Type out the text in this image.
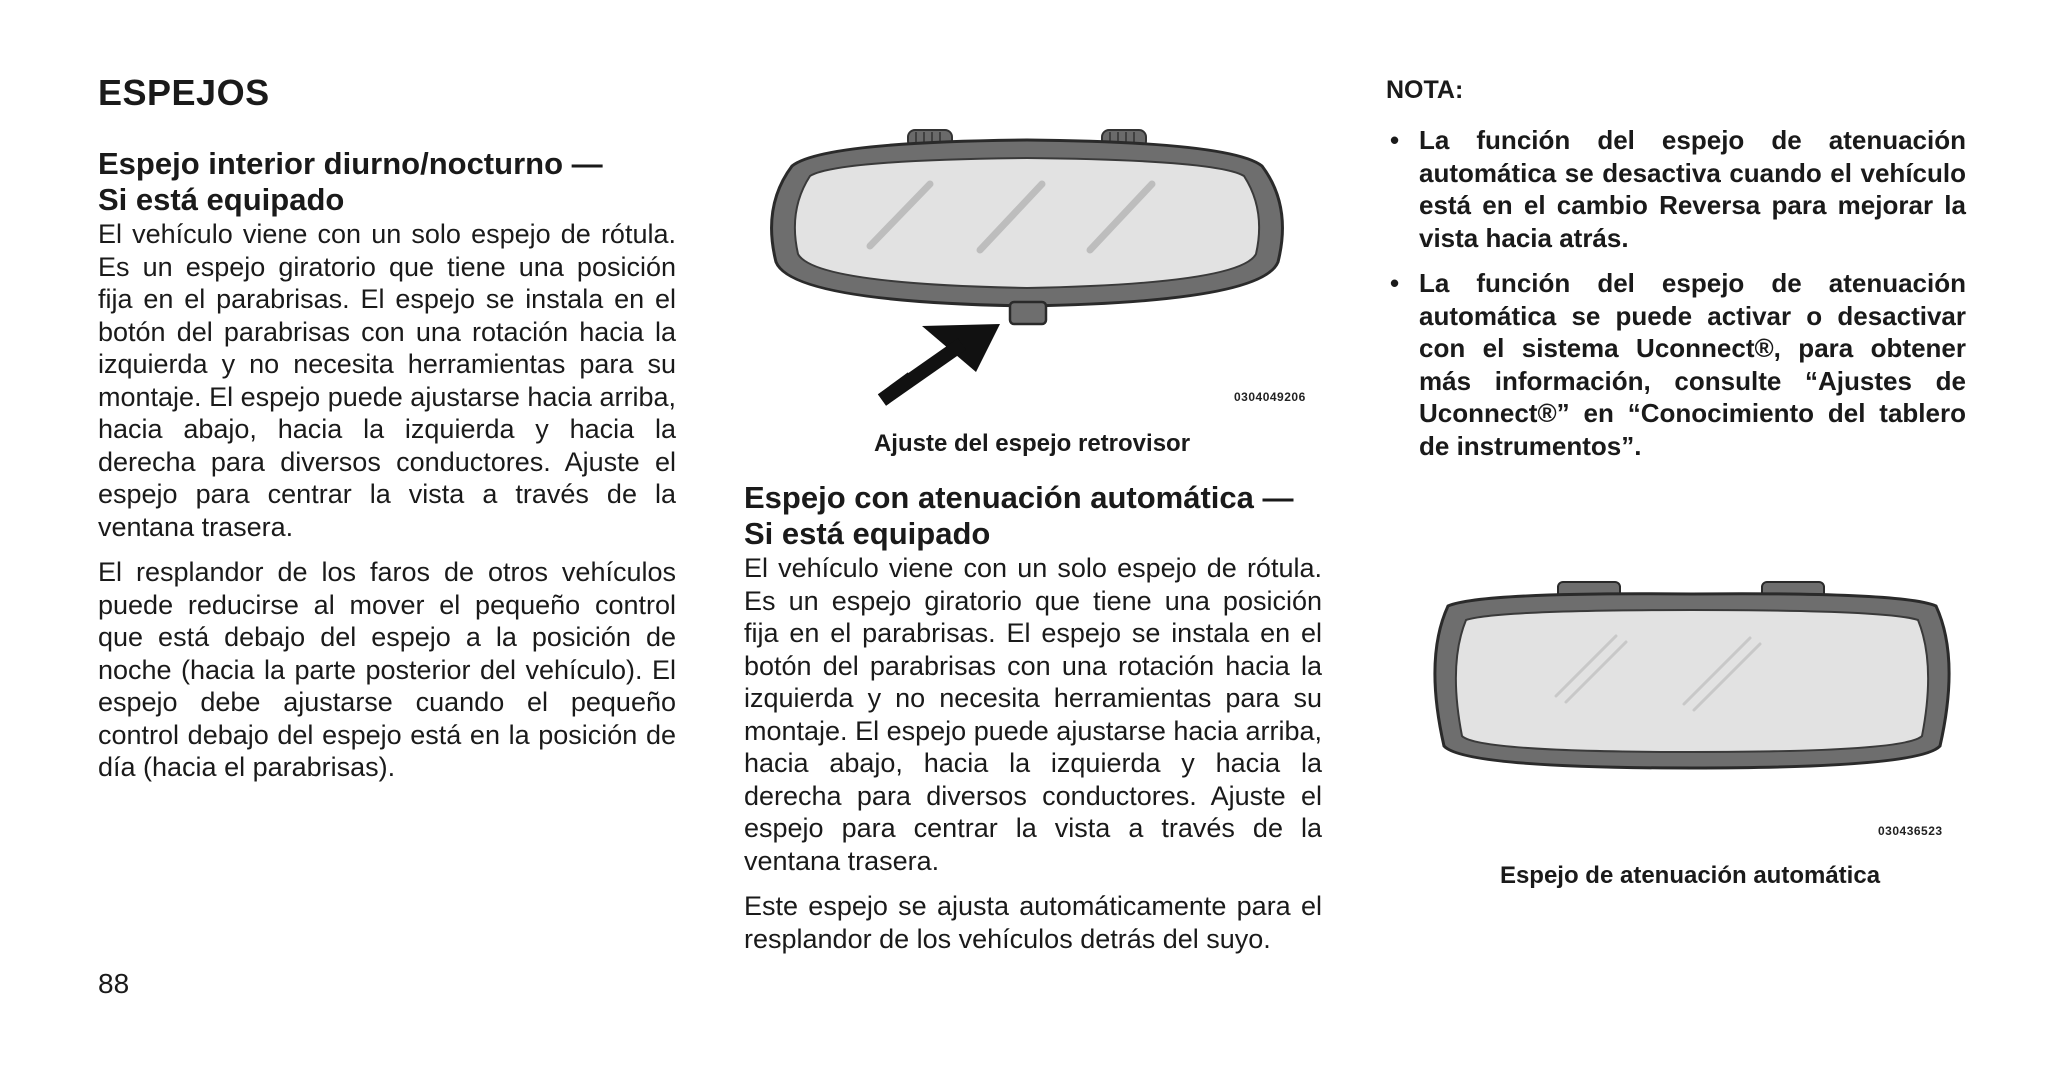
ESPEJOS
Espejo interior diurno/nocturno —
Si está equipado

El vehículo viene con un solo espejo de rótula. Es un espejo giratorio que tiene una posición fija en el parabrisas. El espejo se instala en el botón del parabrisas con una rotación hacia la izquierda y no necesita herramientas para su montaje. El espejo puede ajustarse hacia arriba, hacia abajo, hacia la izquierda y hacia la derecha para diversos conductores. Ajuste el espejo para centrar la vista a través de la ventana trasera.

El resplandor de los faros de otros vehículos puede reducirse al mover el pequeño control que está debajo del espejo a la posición de noche (hacia la parte posterior del vehículo). El espejo debe ajustarse cuando el pequeño control debajo del espejo está en la posición de día (hacia el parabrisas).

0304049206

Ajuste del espejo retrovisor

Espejo con atenuación automática —
Si está equipado

El vehículo viene con un solo espejo de rótula. Es un espejo giratorio que tiene una posición fija en el parabrisas. El espejo se instala en el botón del parabrisas con una rotación hacia la izquierda y no necesita herramientas para su montaje. El espejo puede ajustarse hacia arriba, hacia abajo, hacia la izquierda y hacia la derecha para diversos conductores. Ajuste el espejo para centrar la vista a través de la ventana trasera.

Este espejo se ajusta automáticamente para el resplandor de los vehículos detrás del suyo.

NOTA:

• La función del espejo de atenuación automática se desactiva cuando el vehículo está en el cambio Reversa para mejorar la vista hacia atrás.
• La función del espejo de atenuación automática se puede activar o desactivar con el sistema Uconnect®, para obtener más información, consulte “Ajustes de Uconnect®” en “Conocimiento del tablero de instrumentos”.
030436523

Espejo de atenuación automática

88
